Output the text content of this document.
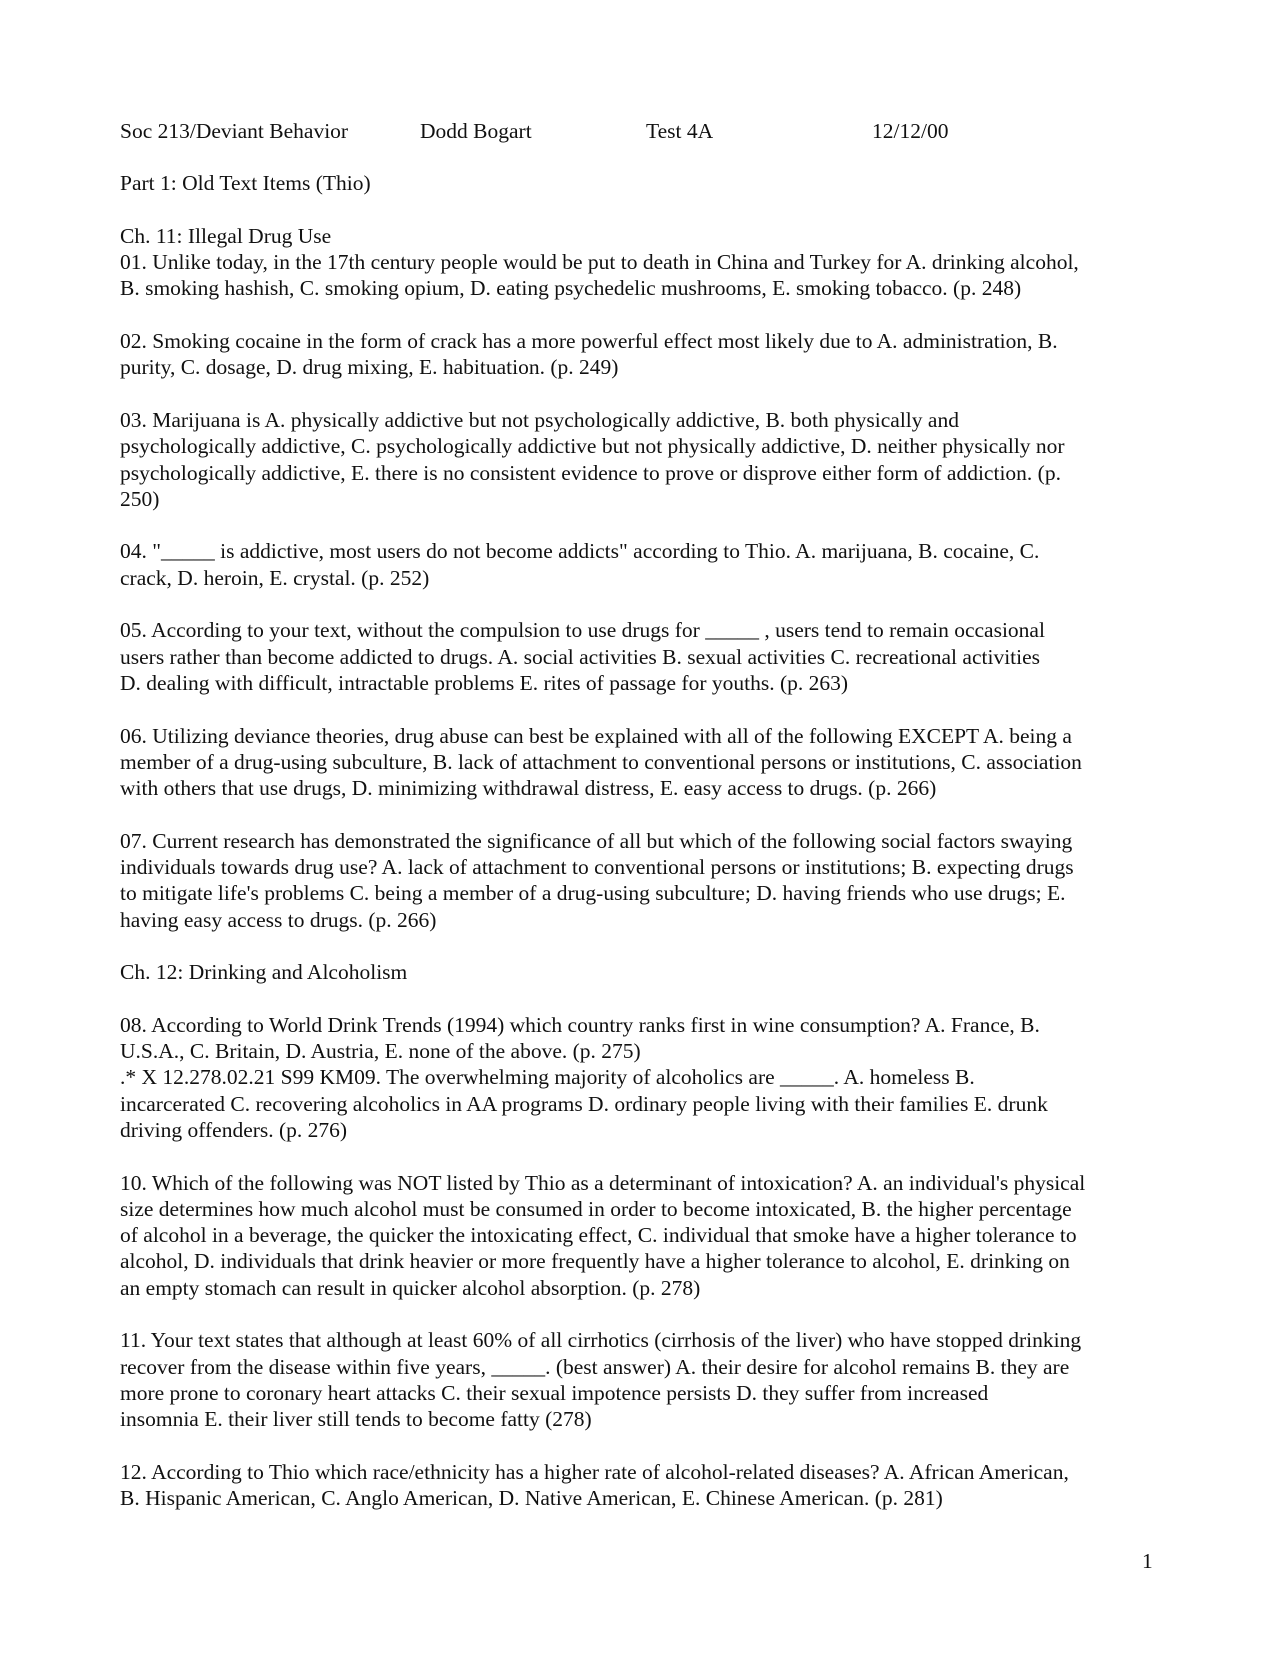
Soc 213/Deviant Behavior	Dodd Bogart	Test 4A	12/12/00

Part 1: Old Text Items (Thio)

Ch. 11: Illegal Drug Use

01. Unlike today, in the 17th century people would be put to death in China and Turkey for A. drinking alcohol,

B. smoking hashish, C. smoking opium, D. eating psychedelic mushrooms, E. smoking tobacco. (p. 248)

02. Smoking cocaine in the form of crack has a more powerful effect most likely due to A. administration, B.

purity, C. dosage, D. drug mixing, E. habituation. (p. 249)

03. Marijuana is A. physically addictive but not psychologically addictive, B. both physically and

psychologically addictive, C. psychologically addictive but not physically addictive, D. neither physically nor

psychologically addictive, E. there is no consistent evidence to prove or disprove either form of addiction. (p.

250)

04. "_____ is addictive, most users do not become addicts" according to Thio. A. marijuana, B. cocaine, C.

crack, D. heroin, E. crystal. (p. 252)

05. According to your text, without the compulsion to use drugs for _____ , users tend to remain occasional

users rather than become addicted to drugs. A. social activities B. sexual activities C. recreational activities

D. dealing with difficult, intractable problems E. rites of passage for youths. (p. 263)

06. Utilizing deviance theories, drug abuse can best be explained with all of the following EXCEPT A. being a

member of a drug-using subculture, B. lack of attachment to conventional persons or institutions, C. association

with others that use drugs, D. minimizing withdrawal distress, E. easy access to drugs. (p. 266)

07. Current research has demonstrated the significance of all but which of the following social factors swaying

individuals towards drug use? A. lack of attachment to conventional persons or institutions; B. expecting drugs

to mitigate life's problems C. being a member of a drug-using subculture; D. having friends who use drugs; E.

having easy access to drugs. (p. 266)

Ch. 12: Drinking and Alcoholism

08. According to World Drink Trends (1994) which country ranks first in wine consumption? A. France, B.

U.S.A., C. Britain, D. Austria, E. none of the above. (p. 275)

.* X 12.278.02.21 S99 KM09. The overwhelming majority of alcoholics are _____. A. homeless B.

incarcerated C. recovering alcoholics in AA programs D. ordinary people living with their families E. drunk

driving offenders. (p. 276)

10. Which of the following was NOT listed by Thio as a determinant of intoxication? A. an individual's physical

size determines how much alcohol must be consumed in order to become intoxicated, B. the higher percentage

of alcohol in a beverage, the quicker the intoxicating effect, C. individual that smoke have a higher tolerance to

alcohol, D. individuals that drink heavier or more frequently have a higher tolerance to alcohol, E. drinking on

an empty stomach can result in quicker alcohol absorption. (p. 278)

11. Your text states that although at least 60% of all cirrhotics (cirrhosis of the liver) who have stopped drinking

recover from the disease within five years, _____. (best answer) A. their desire for alcohol remains B. they are

more prone to coronary heart attacks C. their sexual impotence persists D. they suffer from increased

insomnia E. their liver still tends to become fatty (278)

12. According to Thio which race/ethnicity has a higher rate of alcohol-related diseases? A. African American,

B. Hispanic American, C. Anglo American, D. Native American, E. Chinese American. (p. 281)

1
